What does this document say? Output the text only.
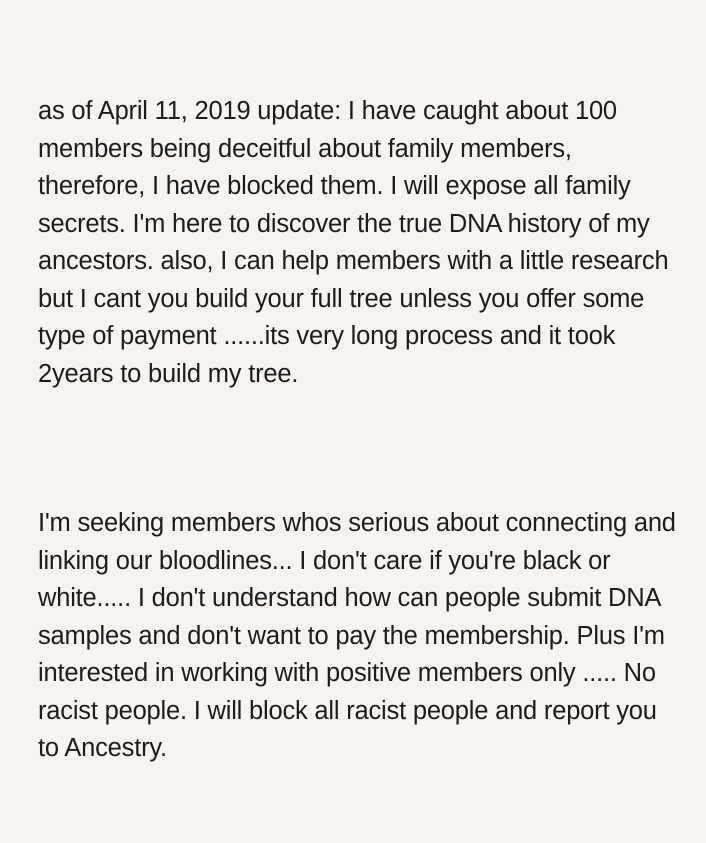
as of April 11, 2019 update: I have caught about 100 members being deceitful about family members, therefore, I have blocked them. I will expose all family secrets. I'm here to discover the true DNA history of my ancestors. also, I can help members with a little research but I cant you build your full tree unless you offer some type of payment ......its very long process and it took 2years to build my tree.

I'm seeking members whos serious about connecting and linking our bloodlines... I don't care if you're black or white..... I don't understand how can people submit DNA samples and don't want to pay the membership. Plus I'm interested in working with positive members only ..... No racist people. I will block all racist people and report you to Ancestry.
